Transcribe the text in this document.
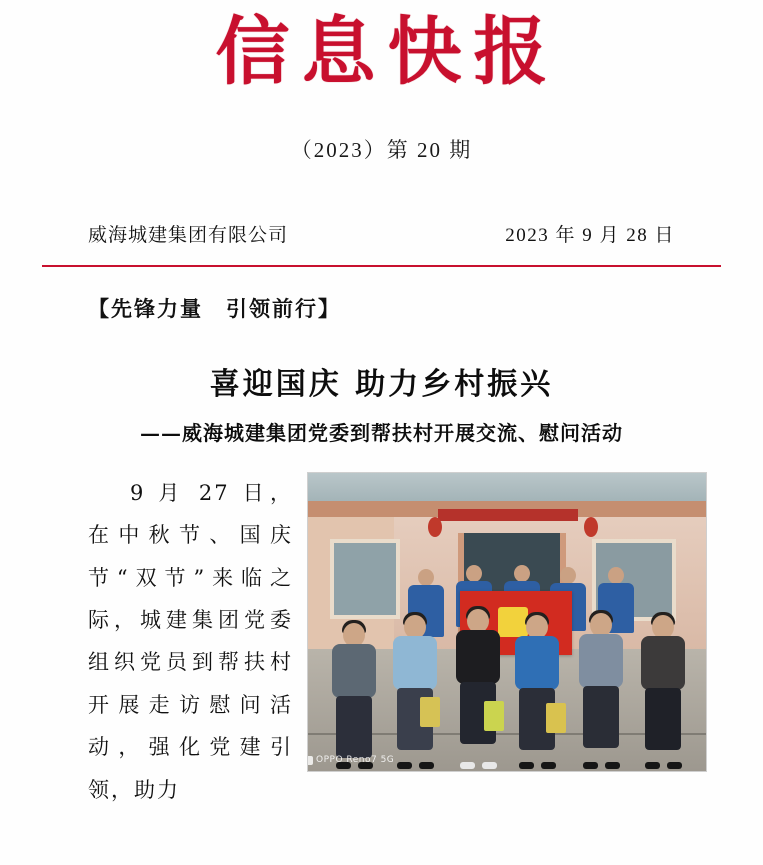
信息快报
（2023）第 20 期
威海城建集团有限公司	2023 年 9 月 28 日
【先锋力量　引领前行】
喜迎国庆 助力乡村振兴
——威海城建集团党委到帮扶村开展交流、慰问活动

9 月 27 日，在中秋节、国庆节“双节”来临之际，城建集团党委组织党员到帮扶村开展走访慰问活动，强化党建引领，助力

OPPO Reno7 5G
